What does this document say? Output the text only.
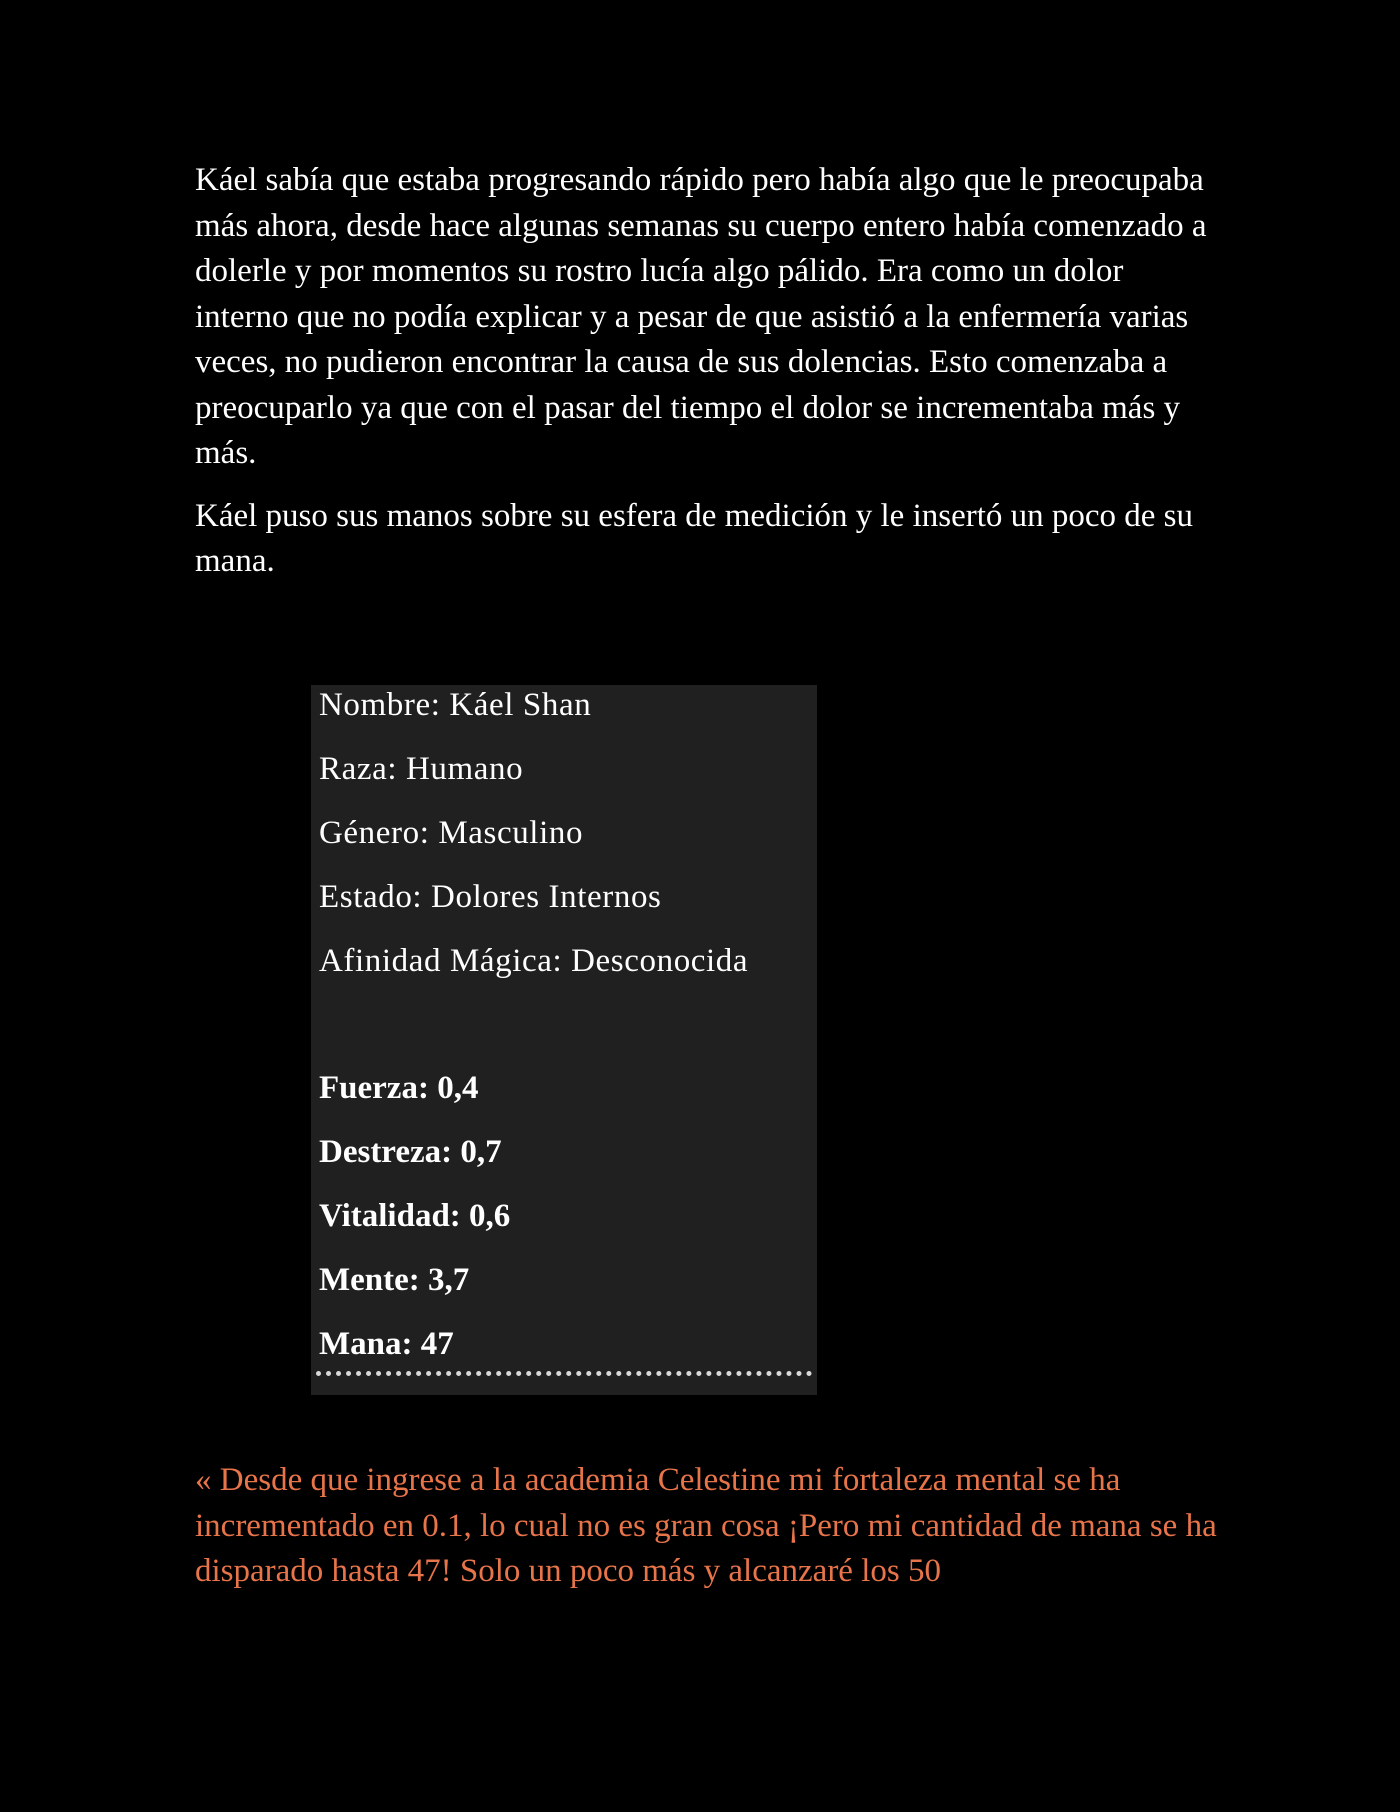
Káel sabía que estaba progresando rápido pero había algo que le preocupaba más ahora, desde hace algunas semanas su cuerpo entero había comenzado a dolerle y por momentos su rostro lucía algo pálido. Era como un dolor interno que no podía explicar y a pesar de que asistió a la enfermería varias veces, no pudieron encontrar la causa de sus dolencias. Esto comenzaba a preocuparlo ya que con el pasar del tiempo el dolor se incrementaba más y más.

Káel puso sus manos sobre su esfera de medición y le insertó un poco de su mana.

Nombre: Káel Shan
Raza: Humano
Género: Masculino
Estado: Dolores Internos
Afinidad Mágica: Desconocida
Fuerza: 0,4
Destreza: 0,7
Vitalidad: 0,6
Mente: 3,7
Mana: 47

« Desde que ingrese a la academia Celestine mi fortaleza mental se ha incrementado en 0.1, lo cual no es gran cosa ¡Pero mi cantidad de mana se ha disparado hasta 47! Solo un poco más y alcanzaré los 50
